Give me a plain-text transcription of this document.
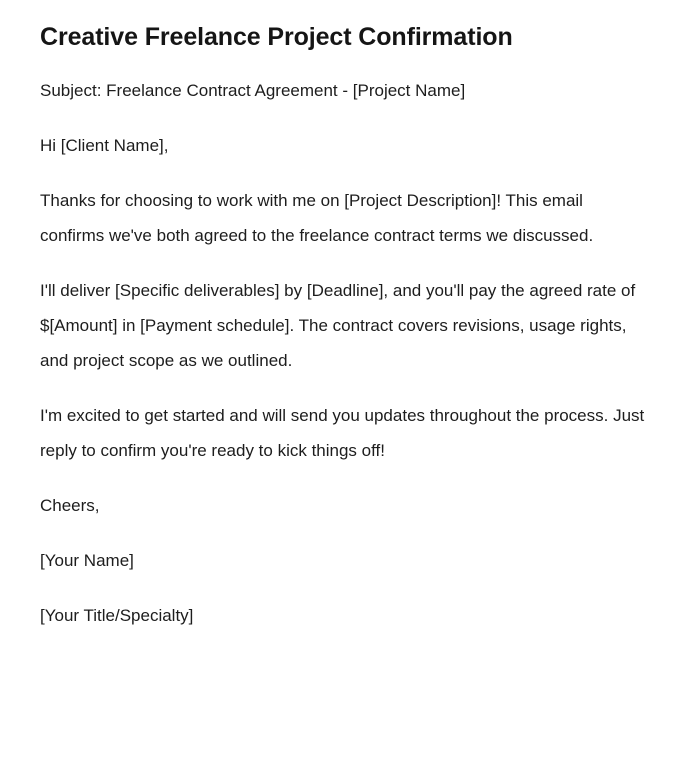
Creative Freelance Project Confirmation

Subject: Freelance Contract Agreement - [Project Name]

Hi [Client Name],

Thanks for choosing to work with me on [Project Description]! This email confirms we've both agreed to the freelance contract terms we discussed.

I'll deliver [Specific deliverables] by [Deadline], and you'll pay the agreed rate of $[Amount] in [Payment schedule]. The contract covers revisions, usage rights, and project scope as we outlined.

I'm excited to get started and will send you updates throughout the process. Just reply to confirm you're ready to kick things off!

Cheers,

[Your Name]

[Your Title/Specialty]
